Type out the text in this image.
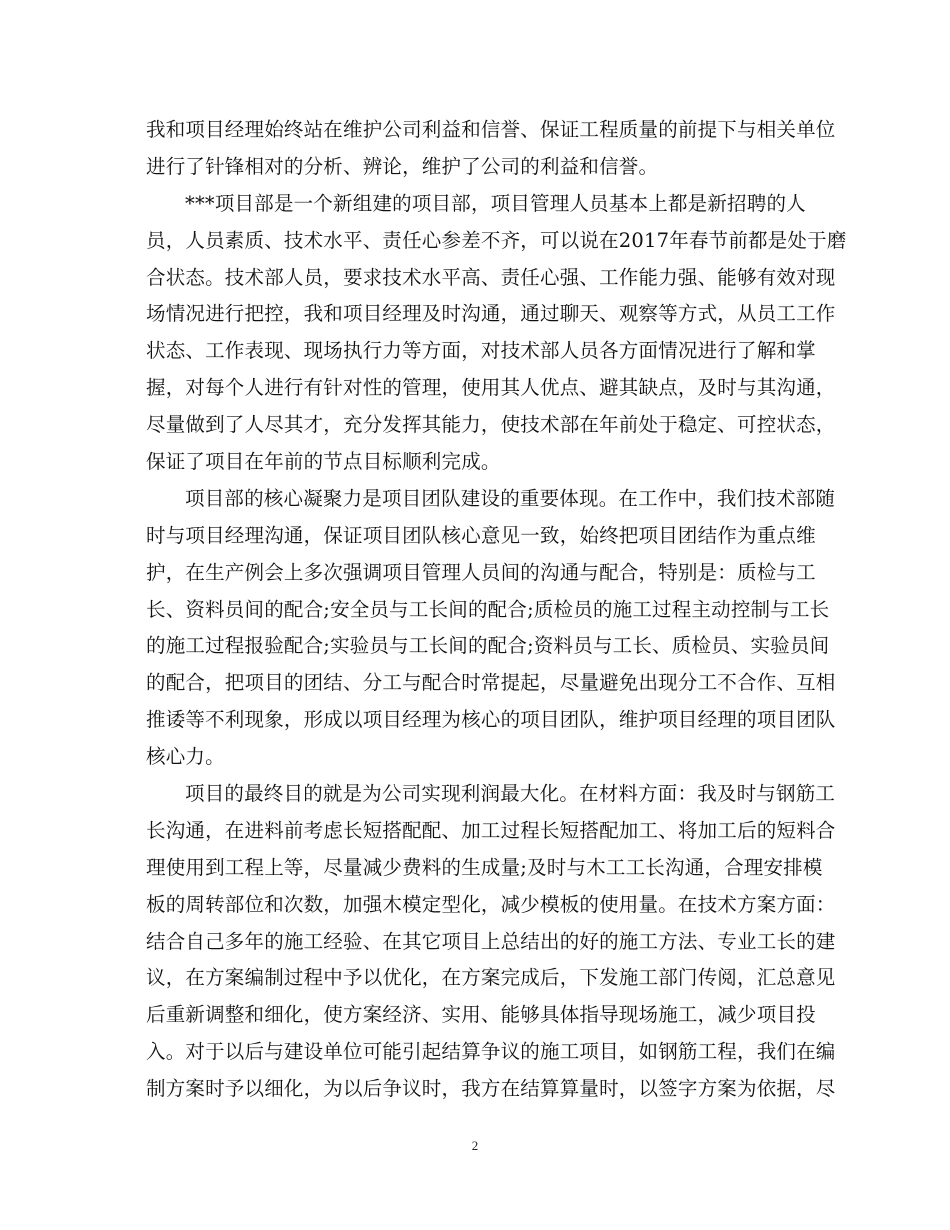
我和项目经理始终站在维护公司利益和信誉、保证工程质量的前提下与相关单位
进行了针锋相对的分析、辨论，维护了公司的利益和信誉。
***项目部是一个新组建的项目部，项目管理人员基本上都是新招聘的人
员，人员素质、技术水平、责任心参差不齐，可以说在2017年春节前都是处于磨
合状态。技术部人员，要求技术水平高、责任心强、工作能力强、能够有效对现
场情况进行把控，我和项目经理及时沟通，通过聊天、观察等方式，从员工工作
状态、工作表现、现场执行力等方面，对技术部人员各方面情况进行了解和掌
握，对每个人进行有针对性的管理，使用其人优点、避其缺点，及时与其沟通，
尽量做到了人尽其才，充分发挥其能力，使技术部在年前处于稳定、可控状态，
保证了项目在年前的节点目标顺利完成。
项目部的核心凝聚力是项目团队建设的重要体现。在工作中，我们技术部随
时与项目经理沟通，保证项目团队核心意见一致，始终把项目团结作为重点维
护，在生产例会上多次强调项目管理人员间的沟通与配合，特别是：质检与工
长、资料员间的配合;安全员与工长间的配合;质检员的施工过程主动控制与工长
的施工过程报验配合;实验员与工长间的配合;资料员与工长、质检员、实验员间
的配合，把项目的团结、分工与配合时常提起，尽量避免出现分工不合作、互相
推诿等不利现象，形成以项目经理为核心的项目团队，维护项目经理的项目团队
核心力。
项目的最终目的就是为公司实现利润最大化。在材料方面：我及时与钢筋工
长沟通，在进料前考虑长短搭配配、加工过程长短搭配加工、将加工后的短料合
理使用到工程上等，尽量减少费料的生成量;及时与木工工长沟通，合理安排模
板的周转部位和次数，加强木模定型化，减少模板的使用量。在技术方案方面：
结合自己多年的施工经验、在其它项目上总结出的好的施工方法、专业工长的建
议，在方案编制过程中予以优化，在方案完成后，下发施工部门传阅，汇总意见
后重新调整和细化，使方案经济、实用、能够具体指导现场施工，减少项目投
入。对于以后与建设单位可能引起结算争议的施工项目，如钢筋工程，我们在编
制方案时予以细化，为以后争议时，我方在结算算量时，以签字方案为依据，尽
2
